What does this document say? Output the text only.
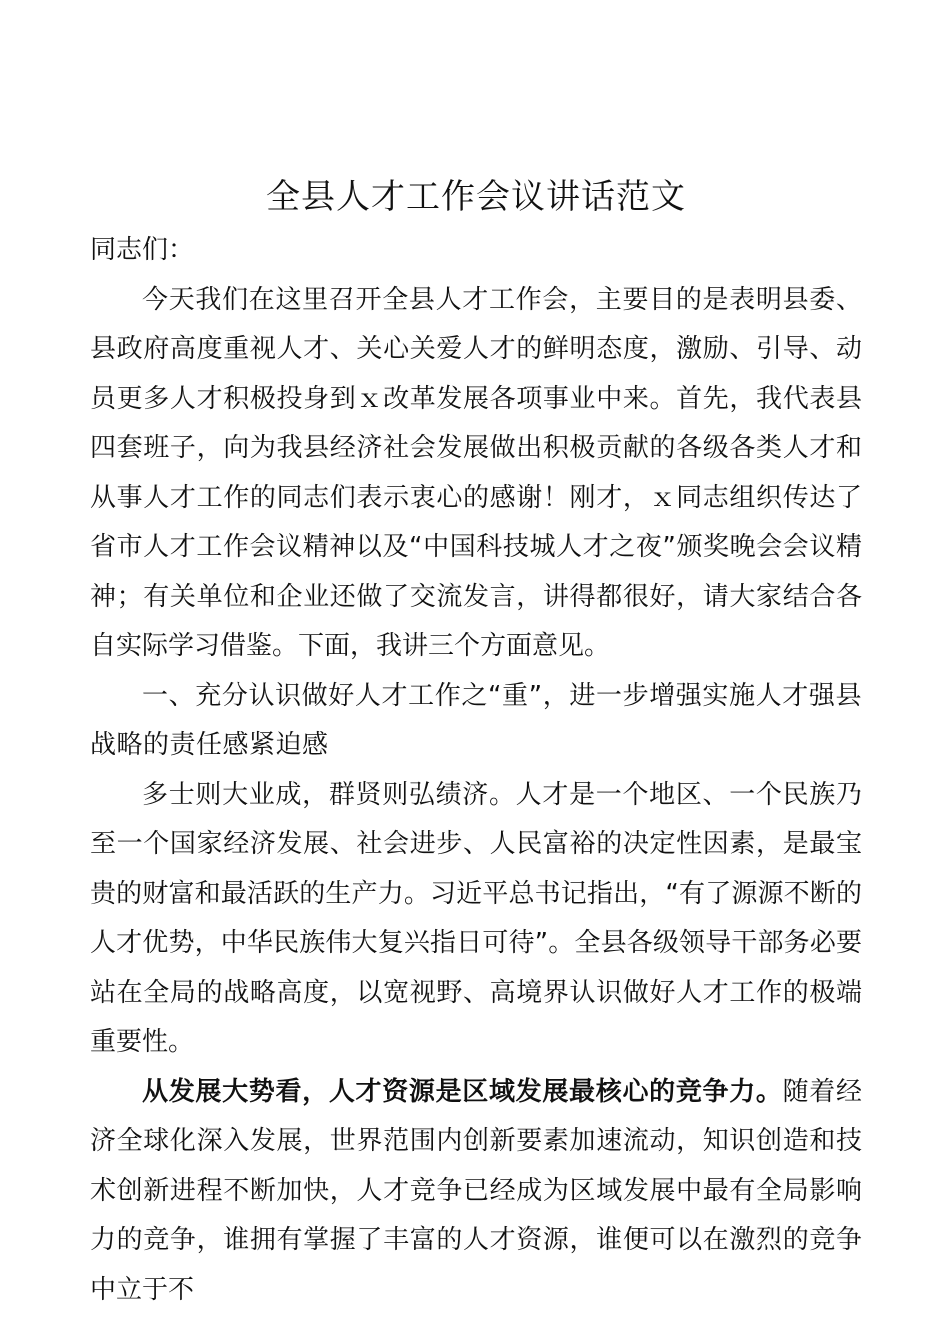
全县人才工作会议讲话范文

同志们：

今天我们在这里召开全县人才工作会，主要目的是表明县委、县政府高度重视人才、关心关爱人才的鲜明态度，激励、引导、动员更多人才积极投身到ｘ改革发展各项事业中来。首先，我代表县四套班子，向为我县经济社会发展做出积极贡献的各级各类人才和从事人才工作的同志们表示衷心的感谢！刚才，ｘ同志组织传达了省市人才工作会议精神以及“中国科技城人才之夜”颁奖晚会会议精神；有关单位和企业还做了交流发言，讲得都很好，请大家结合各自实际学习借鉴。下面，我讲三个方面意见。

一、充分认识做好人才工作之“重”，进一步增强实施人才强县战略的责任感紧迫感

多士则大业成，群贤则弘绩济。人才是一个地区、一个民族乃至一个国家经济发展、社会进步、人民富裕的决定性因素，是最宝贵的财富和最活跃的生产力。习近平总书记指出，“有了源源不断的人才优势，中华民族伟大复兴指日可待”。全县各级领导干部务必要站在全局的战略高度，以宽视野、高境界认识做好人才工作的极端重要性。

从发展大势看，人才资源是区域发展最核心的竞争力。随着经济全球化深入发展，世界范围内创新要素加速流动，知识创造和技术创新进程不断加快，人才竞争已经成为区域发展中最有全局影响力的竞争，谁拥有掌握了丰富的人才资源，谁便可以在激烈的竞争中立于不
